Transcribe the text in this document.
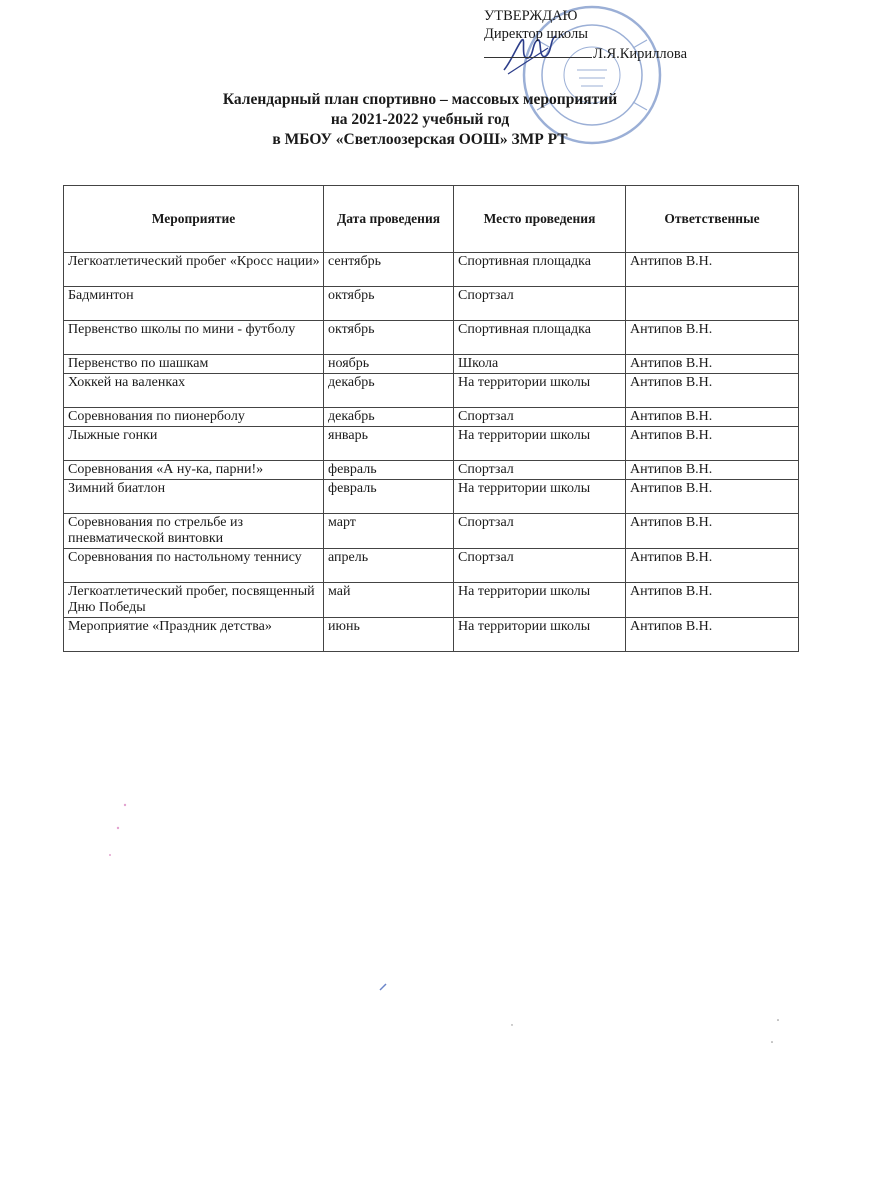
УТВЕРЖДАЮ
Директор школы
Л.Я.Кириллова
Календарный план спортивно – массовых мероприятий
на 2021-2022 учебный год
в МБОУ «Светлоозерская ООШ» ЗМР РТ
Мероприятие	Дата проведения	Место проведения	Ответственные
Легкоатлетический пробег «Кросс нации»	сентябрь	Спортивная площадка	Антипов В.Н.
Бадминтон	октябрь	Спортзал	
Первенство школы по мини - футболу	октябрь	Спортивная площадка	Антипов В.Н.
Первенство по шашкам	ноябрь	Школа	Антипов В.Н.
Хоккей на валенках	декабрь	На территории школы	Антипов В.Н.
Соревнования по пионерболу	декабрь	Спортзал	Антипов В.Н.
Лыжные гонки	январь	На территории школы	Антипов В.Н.
Соревнования «А ну-ка, парни!»	февраль	Спортзал	Антипов В.Н.
Зимний биатлон	февраль	На территории школы	Антипов В.Н.
Соревнования по стрельбе из пневматической винтовки	март	Спортзал	Антипов В.Н.
Соревнования по настольному теннису	апрель	Спортзал	Антипов В.Н.
Легкоатлетический пробег, посвященный Дню Победы	май	На территории школы	Антипов В.Н.
Мероприятие «Праздник детства»	июнь	На территории школы	Антипов В.Н.
